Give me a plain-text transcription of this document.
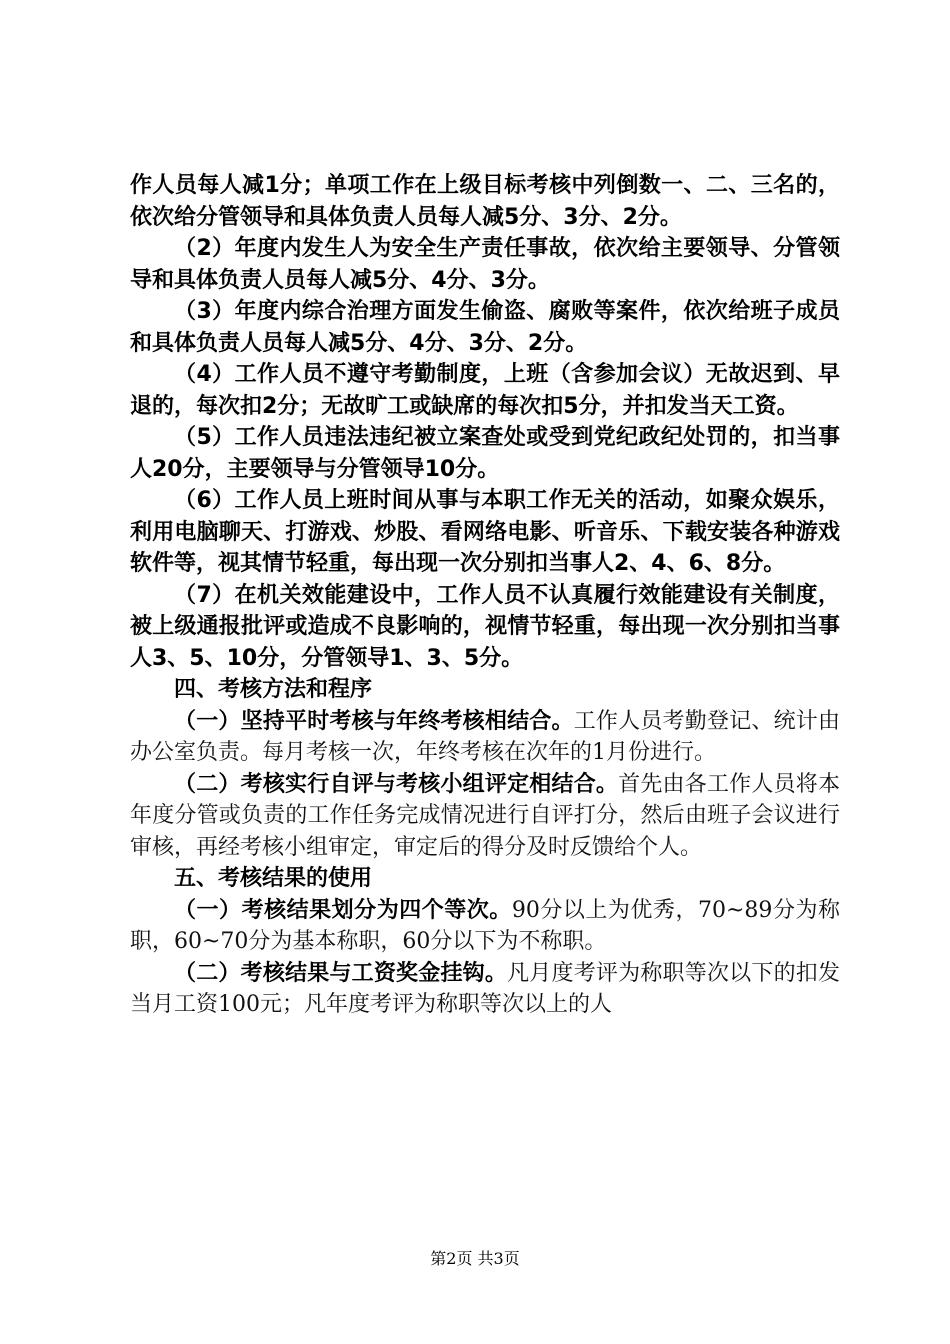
作人员每人减1分；单项工作在上级目标考核中列倒数一、二、三名的，依次给分管领导和具体负责人员每人减5分、3分、2分。

（2）年度内发生人为安全生产责任事故，依次给主要领导、分管领导和具体负责人员每人减5分、4分、3分。

（3）年度内综合治理方面发生偷盗、腐败等案件，依次给班子成员和具体负责人员每人减5分、4分、3分、2分。

（4）工作人员不遵守考勤制度，上班（含参加会议）无故迟到、早退的，每次扣2分；无故旷工或缺席的每次扣5分，并扣发当天工资。

（5）工作人员违法违纪被立案查处或受到党纪政纪处罚的，扣当事人20分，主要领导与分管领导10分。

（6）工作人员上班时间从事与本职工作无关的活动，如聚众娱乐，利用电脑聊天、打游戏、炒股、看网络电影、听音乐、下载安装各种游戏软件等，视其情节轻重，每出现一次分别扣当事人2、4、6、8分。

（7）在机关效能建设中，工作人员不认真履行效能建设有关制度，被上级通报批评或造成不良影响的，视情节轻重，每出现一次分别扣当事人3、5、10分，分管领导1、3、5分。

四、考核方法和程序

（一）坚持平时考核与年终考核相结合。工作人员考勤登记、统计由办公室负责。每月考核一次，年终考核在次年的1月份进行。

（二）考核实行自评与考核小组评定相结合。首先由各工作人员将本年度分管或负责的工作任务完成情况进行自评打分，然后由班子会议进行审核，再经考核小组审定，审定后的得分及时反馈给个人。

五、考核结果的使用

（一）考核结果划分为四个等次。90分以上为优秀，70~89分为称职，60~70分为基本称职，60分以下为不称职。

（二）考核结果与工资奖金挂钩。凡月度考评为称职等次以下的扣发当月工资100元；凡年度考评为称职等次以上的人

第2页 共3页
